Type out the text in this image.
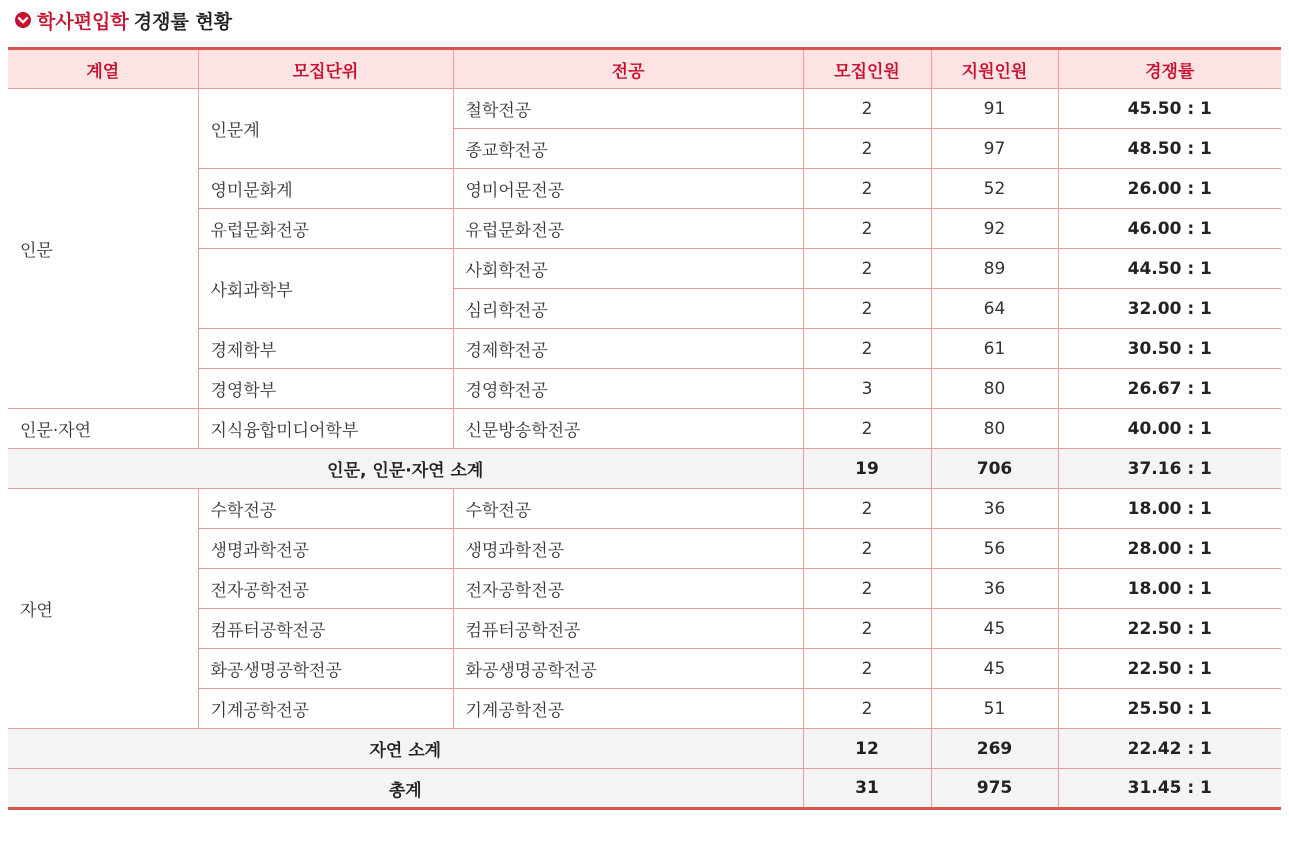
학사편입학 경쟁률 현황
계열	모집단위	전공	모집인원	지원인원	경쟁률
인문	인문계	철학전공	2	91	45.50 : 1
		종교학전공	2	97	48.50 : 1
	영미문화계	영미어문전공	2	52	26.00 : 1
	유럽문화전공	유럽문화전공	2	92	46.00 : 1
	사회과학부	사회학전공	2	89	44.50 : 1
		심리학전공	2	64	32.00 : 1
	경제학부	경제학전공	2	61	30.50 : 1
	경영학부	경영학전공	3	80	26.67 : 1
인문·자연	지식융합미디어학부	신문방송학전공	2	80	40.00 : 1
인문, 인문·자연 소계			19	706	37.16 : 1
자연	수학전공	수학전공	2	36	18.00 : 1
	생명과학전공	생명과학전공	2	56	28.00 : 1
	전자공학전공	전자공학전공	2	36	18.00 : 1
	컴퓨터공학전공	컴퓨터공학전공	2	45	22.50 : 1
	화공생명공학전공	화공생명공학전공	2	45	22.50 : 1
	기계공학전공	기계공학전공	2	51	25.50 : 1
자연 소계			12	269	22.42 : 1
총계			31	975	31.45 : 1
